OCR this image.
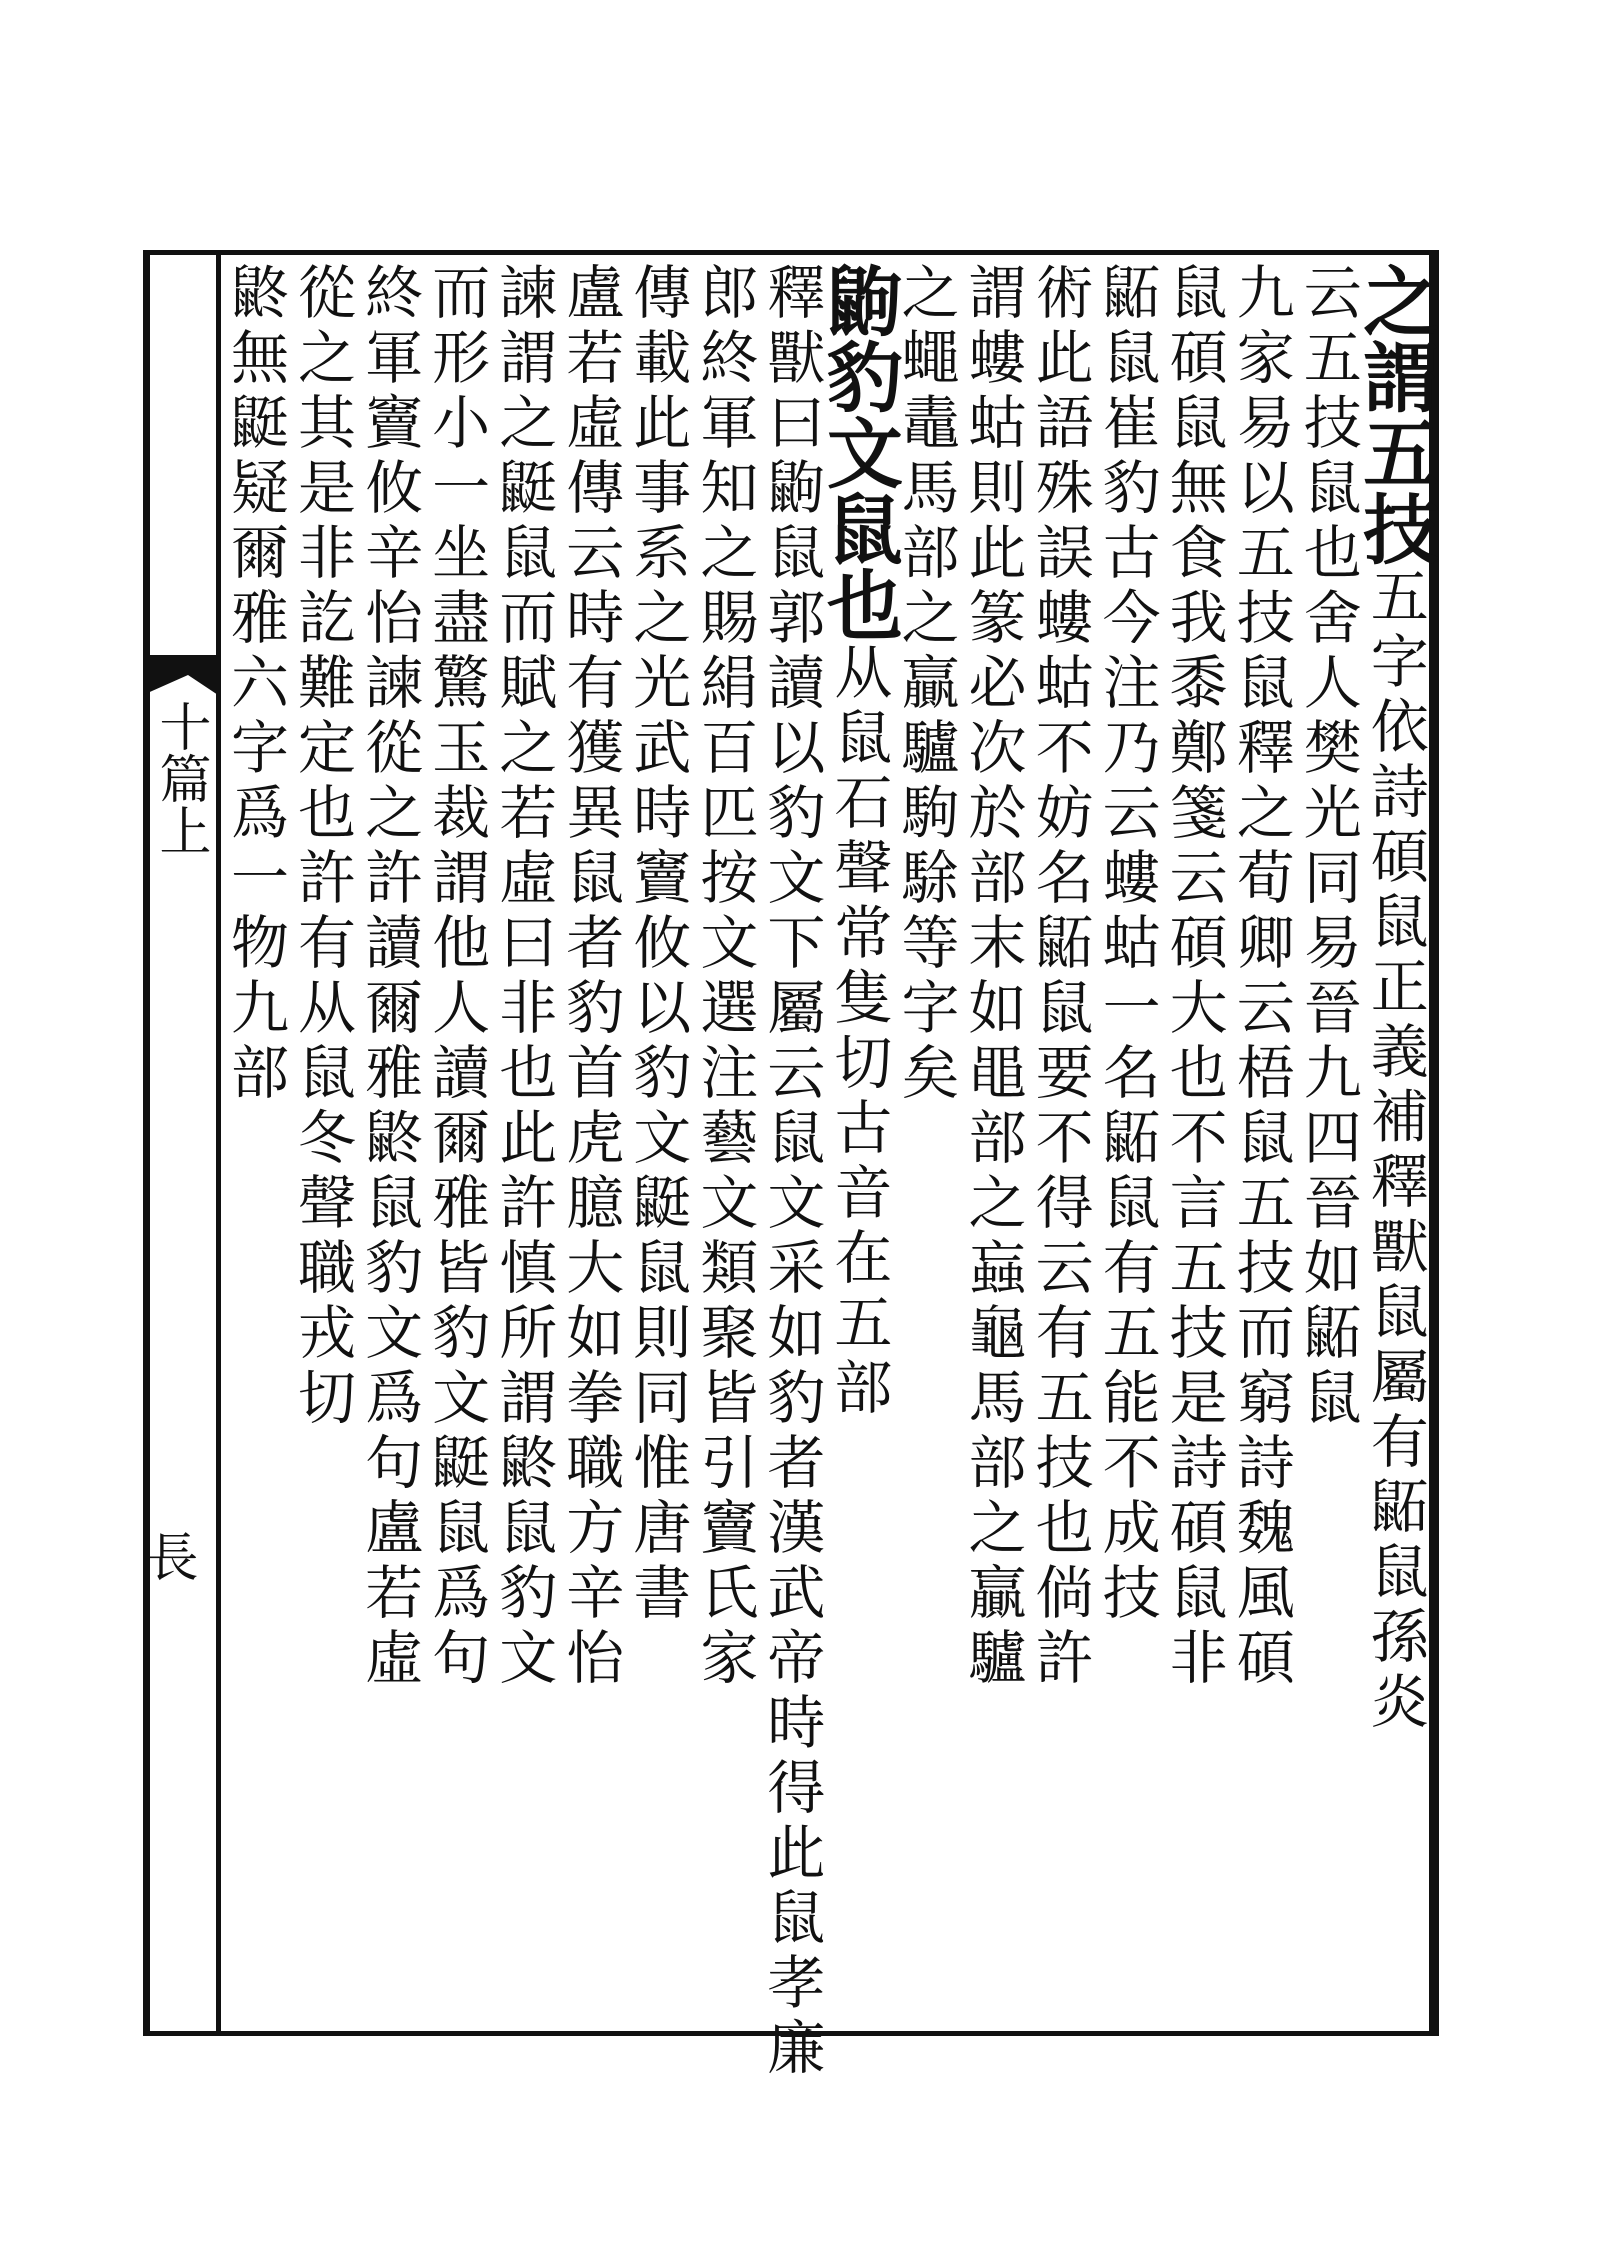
十篇上
長
之謂五技五字依詩碩鼠正義補釋獸鼠屬有鼫鼠孫炎
云五技鼠也舍人樊光同易晉九四晉如鼫鼠
九家易以五技鼠釋之荀卿云梧鼠五技而窮詩魏風碩
鼠碩鼠無食我黍鄭箋云碩大也不言五技是詩碩鼠非
鼫鼠崔豹古今注乃云螻蛄一名鼫鼠有五能不成技
術此語殊誤螻蛄不妨名鼫鼠要不得云有五技也倘許
謂螻蛄則此篆必次於部末如黽部之蝱龜馬部之贏驢
之蠅鼃馬部之贏驢駒駼等字矣
鼩豹文鼠也从鼠石聲常隻切古音在五部
釋獸曰鼩鼠郭讀以豹文下屬云鼠文采如豹者漢武帝時得此鼠孝廉
郎終軍知之賜絹百匹按文選注藝文類聚皆引竇氏家
傳載此事系之光武時竇攸以豹文鼮鼠則同惟唐書
盧若虛傳云時有獲異鼠者豹首虎臆大如拳職方辛怡
諫謂之鼮鼠而賦之若虛曰非也此許慎所謂鼨鼠豹文
而形小一坐盡驚玉裁謂他人讀爾雅皆豹文鼮鼠爲句
終軍竇攸辛怡諫從之許讀爾雅鼨鼠豹文爲句盧若虛
從之其是非訖難定也許有从鼠冬聲職戎切
鼨無鼮疑爾雅六字爲一物九部
